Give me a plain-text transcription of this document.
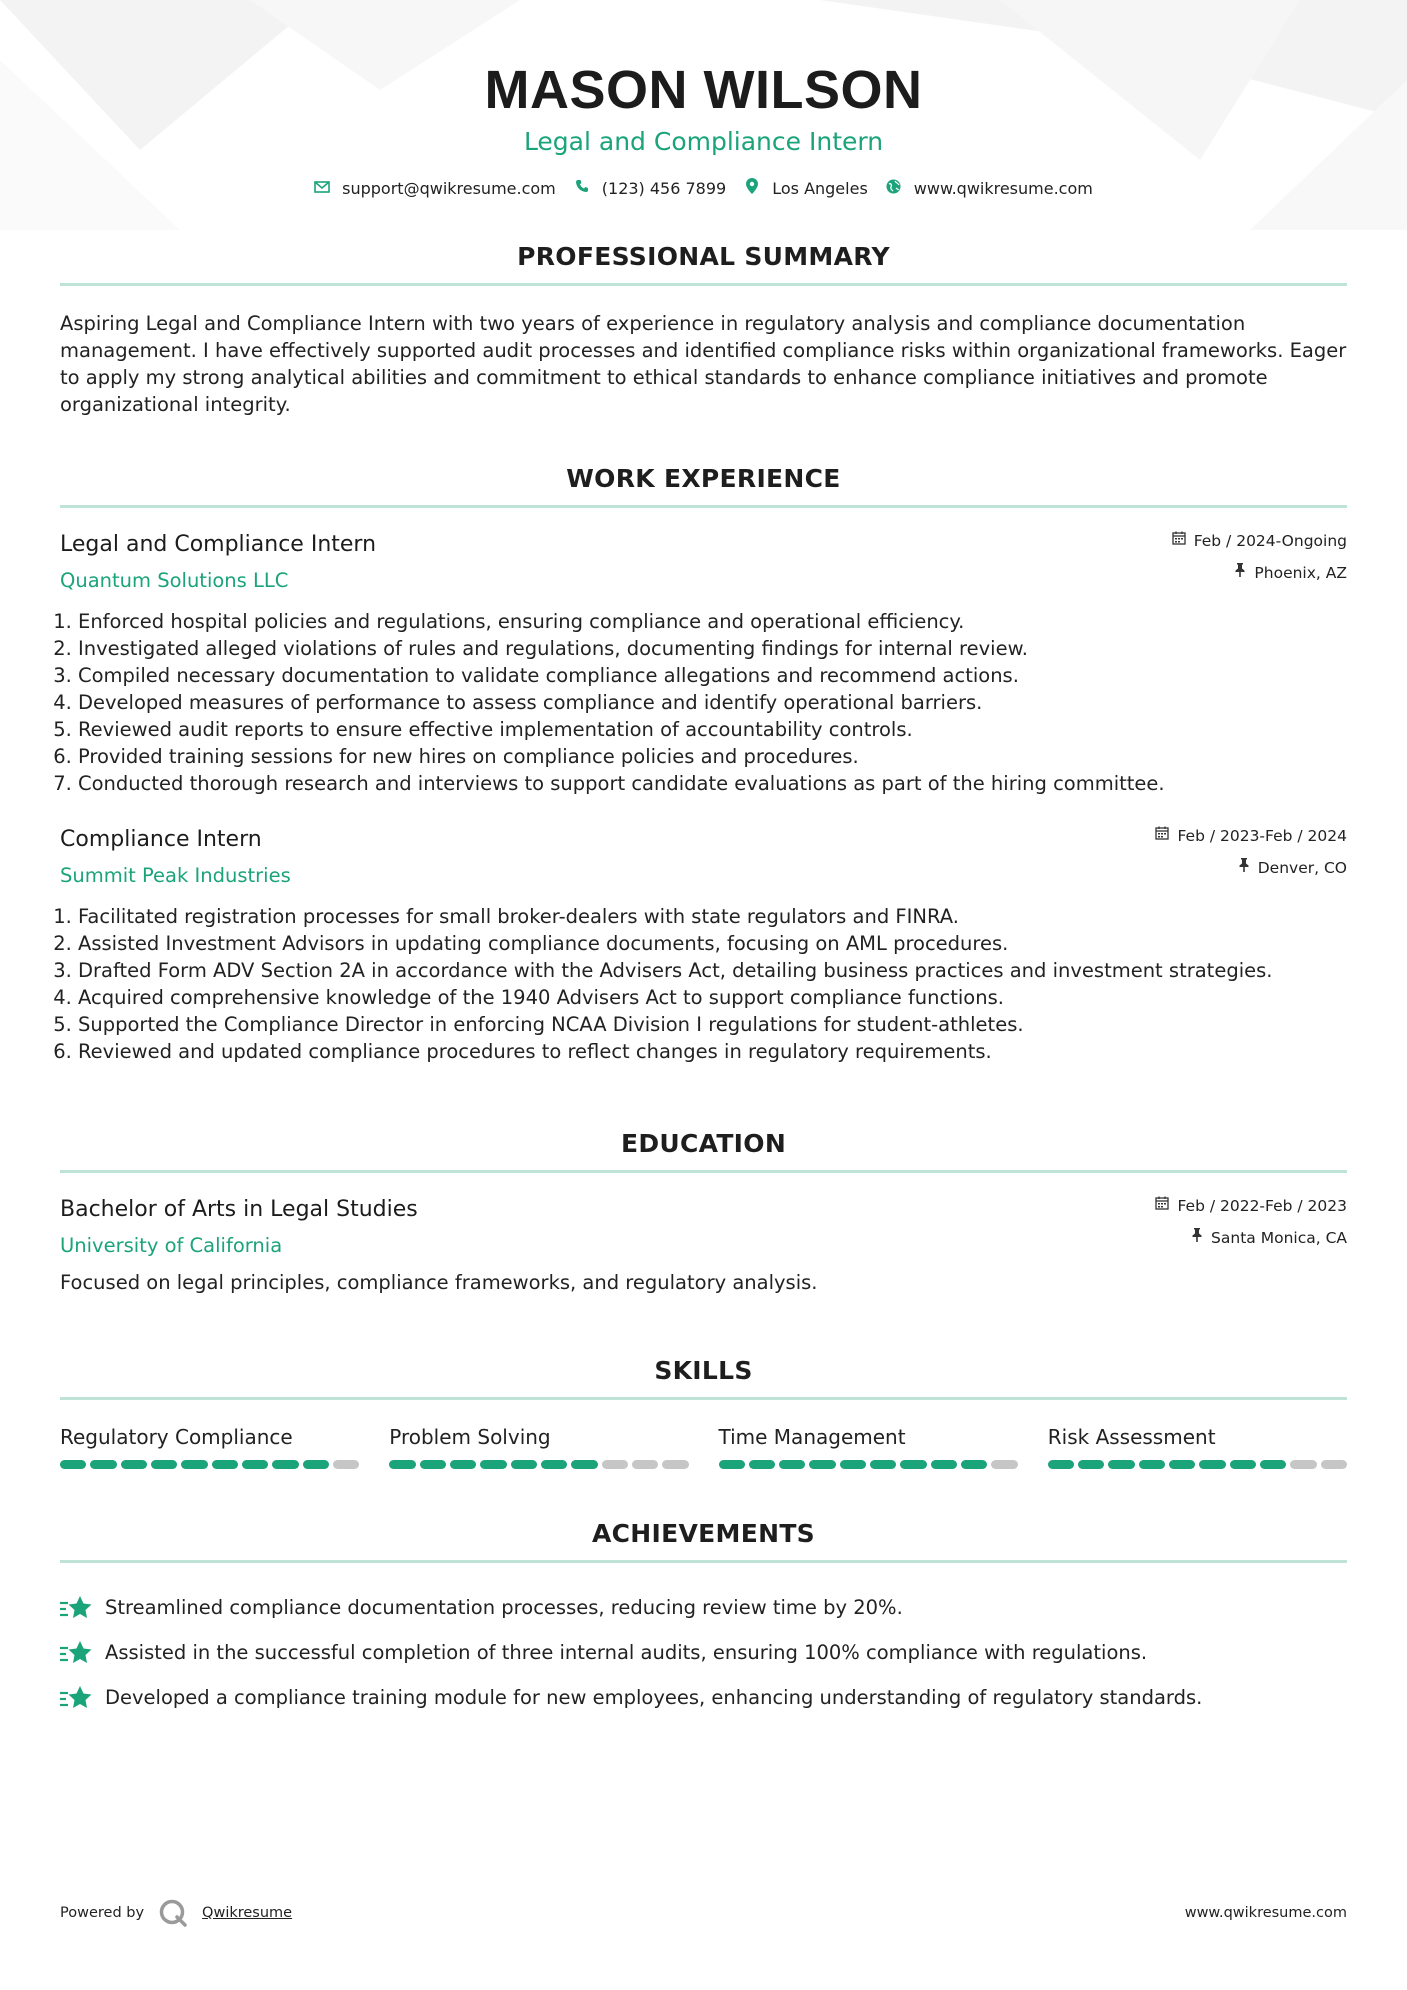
MASON WILSON
Legal and Compliance Intern
support@qwikresume.com	(123) 456 7899	Los Angeles	www.qwikresume.com
PROFESSIONAL SUMMARY
Aspiring Legal and Compliance Intern with two years of experience in regulatory analysis and compliance documentation management. I have effectively supported audit processes and identified compliance risks within organizational frameworks. Eager to apply my strong analytical abilities and commitment to ethical standards to enhance compliance initiatives and promote organizational integrity.
WORK EXPERIENCE
Legal and Compliance Intern
Quantum Solutions LLC
Feb / 2024-Ongoing
Phoenix, AZ
1. Enforced hospital policies and regulations, ensuring compliance and operational efficiency.
2. Investigated alleged violations of rules and regulations, documenting findings for internal review.
3. Compiled necessary documentation to validate compliance allegations and recommend actions.
4. Developed measures of performance to assess compliance and identify operational barriers.
5. Reviewed audit reports to ensure effective implementation of accountability controls.
6. Provided training sessions for new hires on compliance policies and procedures.
7. Conducted thorough research and interviews to support candidate evaluations as part of the hiring committee.
Compliance Intern
Summit Peak Industries
Feb / 2023-Feb / 2024
Denver, CO
1. Facilitated registration processes for small broker-dealers with state regulators and FINRA.
2. Assisted Investment Advisors in updating compliance documents, focusing on AML procedures.
3. Drafted Form ADV Section 2A in accordance with the Advisers Act, detailing business practices and investment strategies.
4. Acquired comprehensive knowledge of the 1940 Advisers Act to support compliance functions.
5. Supported the Compliance Director in enforcing NCAA Division I regulations for student-athletes.
6. Reviewed and updated compliance procedures to reflect changes in regulatory requirements.
EDUCATION
Bachelor of Arts in Legal Studies
University of California
Feb / 2022-Feb / 2023
Santa Monica, CA
Focused on legal principles, compliance frameworks, and regulatory analysis.
SKILLS
Regulatory Compliance	Problem Solving	Time Management	Risk Assessment
ACHIEVEMENTS
Streamlined compliance documentation processes, reducing review time by 20%.
Assisted in the successful completion of three internal audits, ensuring 100% compliance with regulations.
Developed a compliance training module for new employees, enhancing understanding of regulatory standards.
Powered by	Qwikresume	www.qwikresume.com
